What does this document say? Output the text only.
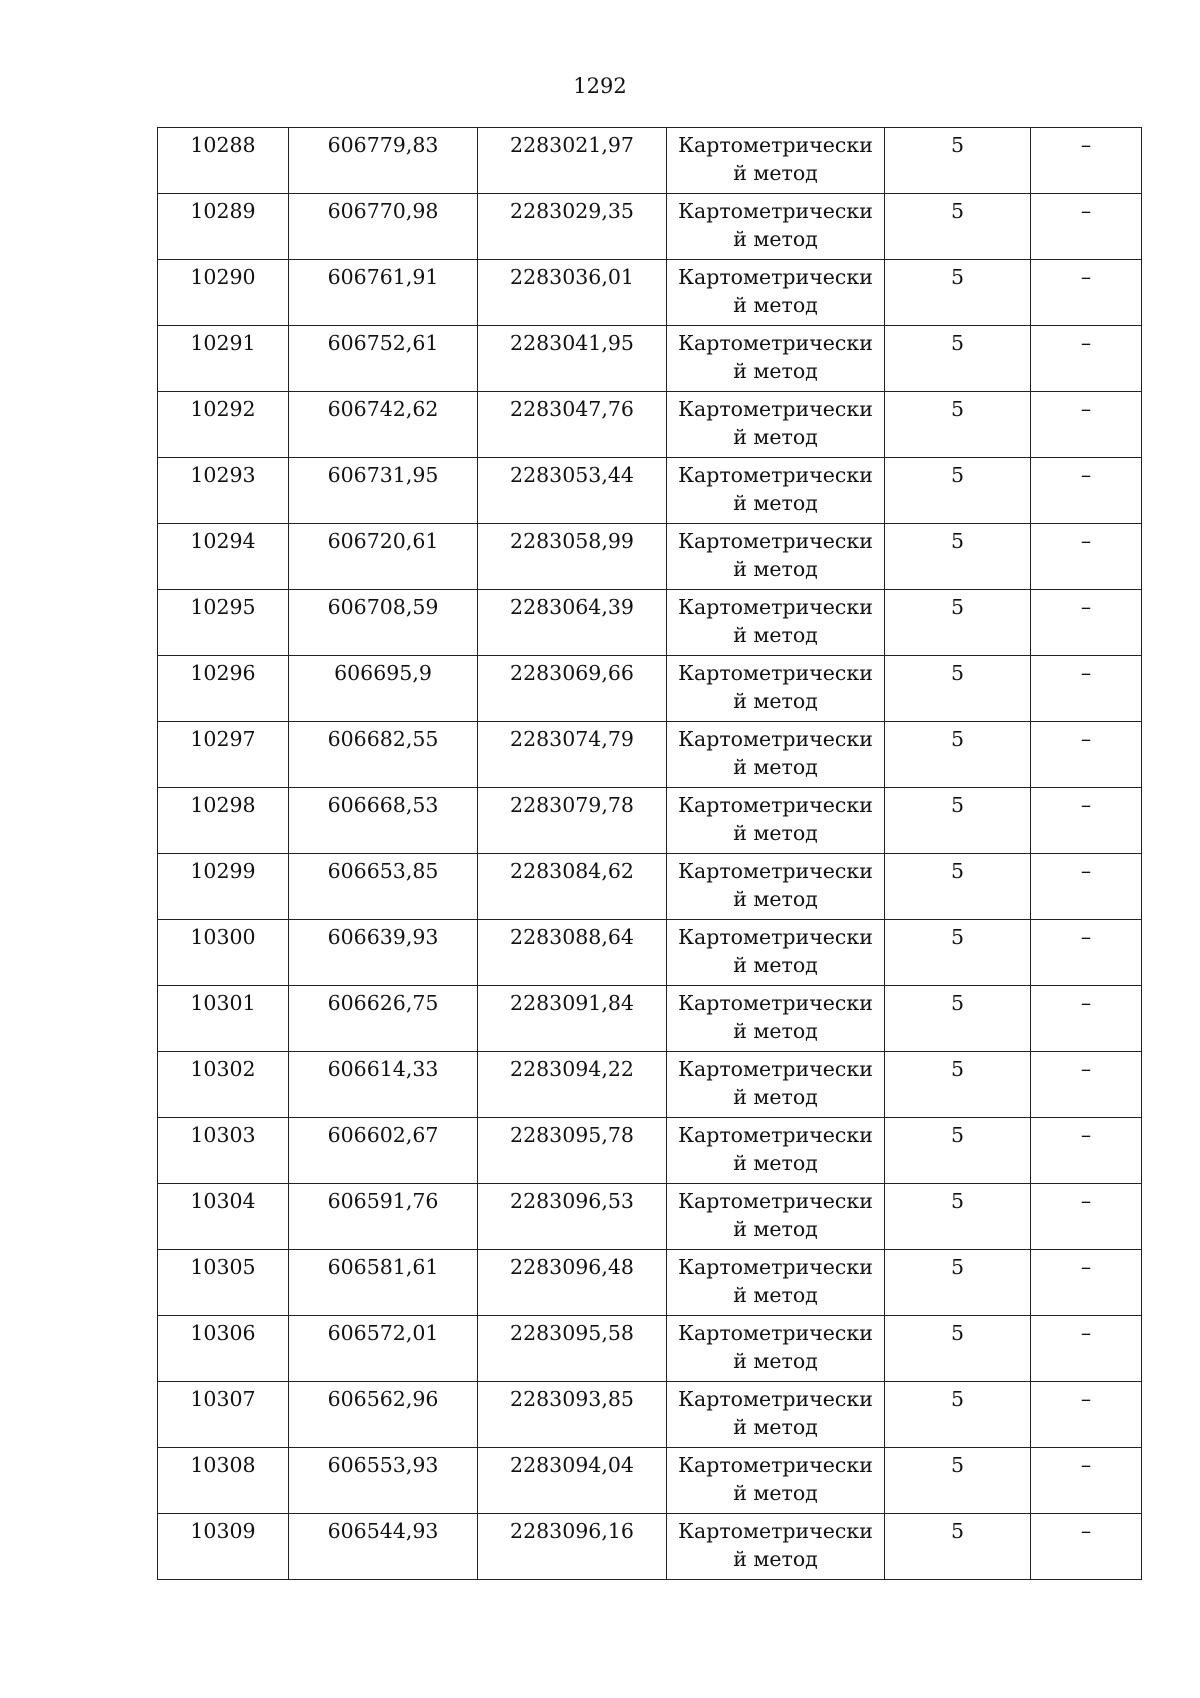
1292
10288	606779,83	2283021,97	Картометрически й метод	5	–
10289	606770,98	2283029,35	Картометрически й метод	5	–
10290	606761,91	2283036,01	Картометрически й метод	5	–
10291	606752,61	2283041,95	Картометрически й метод	5	–
10292	606742,62	2283047,76	Картометрически й метод	5	–
10293	606731,95	2283053,44	Картометрически й метод	5	–
10294	606720,61	2283058,99	Картометрически й метод	5	–
10295	606708,59	2283064,39	Картометрически й метод	5	–
10296	606695,9	2283069,66	Картометрически й метод	5	–
10297	606682,55	2283074,79	Картометрически й метод	5	–
10298	606668,53	2283079,78	Картометрически й метод	5	–
10299	606653,85	2283084,62	Картометрически й метод	5	–
10300	606639,93	2283088,64	Картометрически й метод	5	–
10301	606626,75	2283091,84	Картометрически й метод	5	–
10302	606614,33	2283094,22	Картометрически й метод	5	–
10303	606602,67	2283095,78	Картометрически й метод	5	–
10304	606591,76	2283096,53	Картометрически й метод	5	–
10305	606581,61	2283096,48	Картометрически й метод	5	–
10306	606572,01	2283095,58	Картометрически й метод	5	–
10307	606562,96	2283093,85	Картометрически й метод	5	–
10308	606553,93	2283094,04	Картометрически й метод	5	–
10309	606544,93	2283096,16	Картометрически й метод	5	–
